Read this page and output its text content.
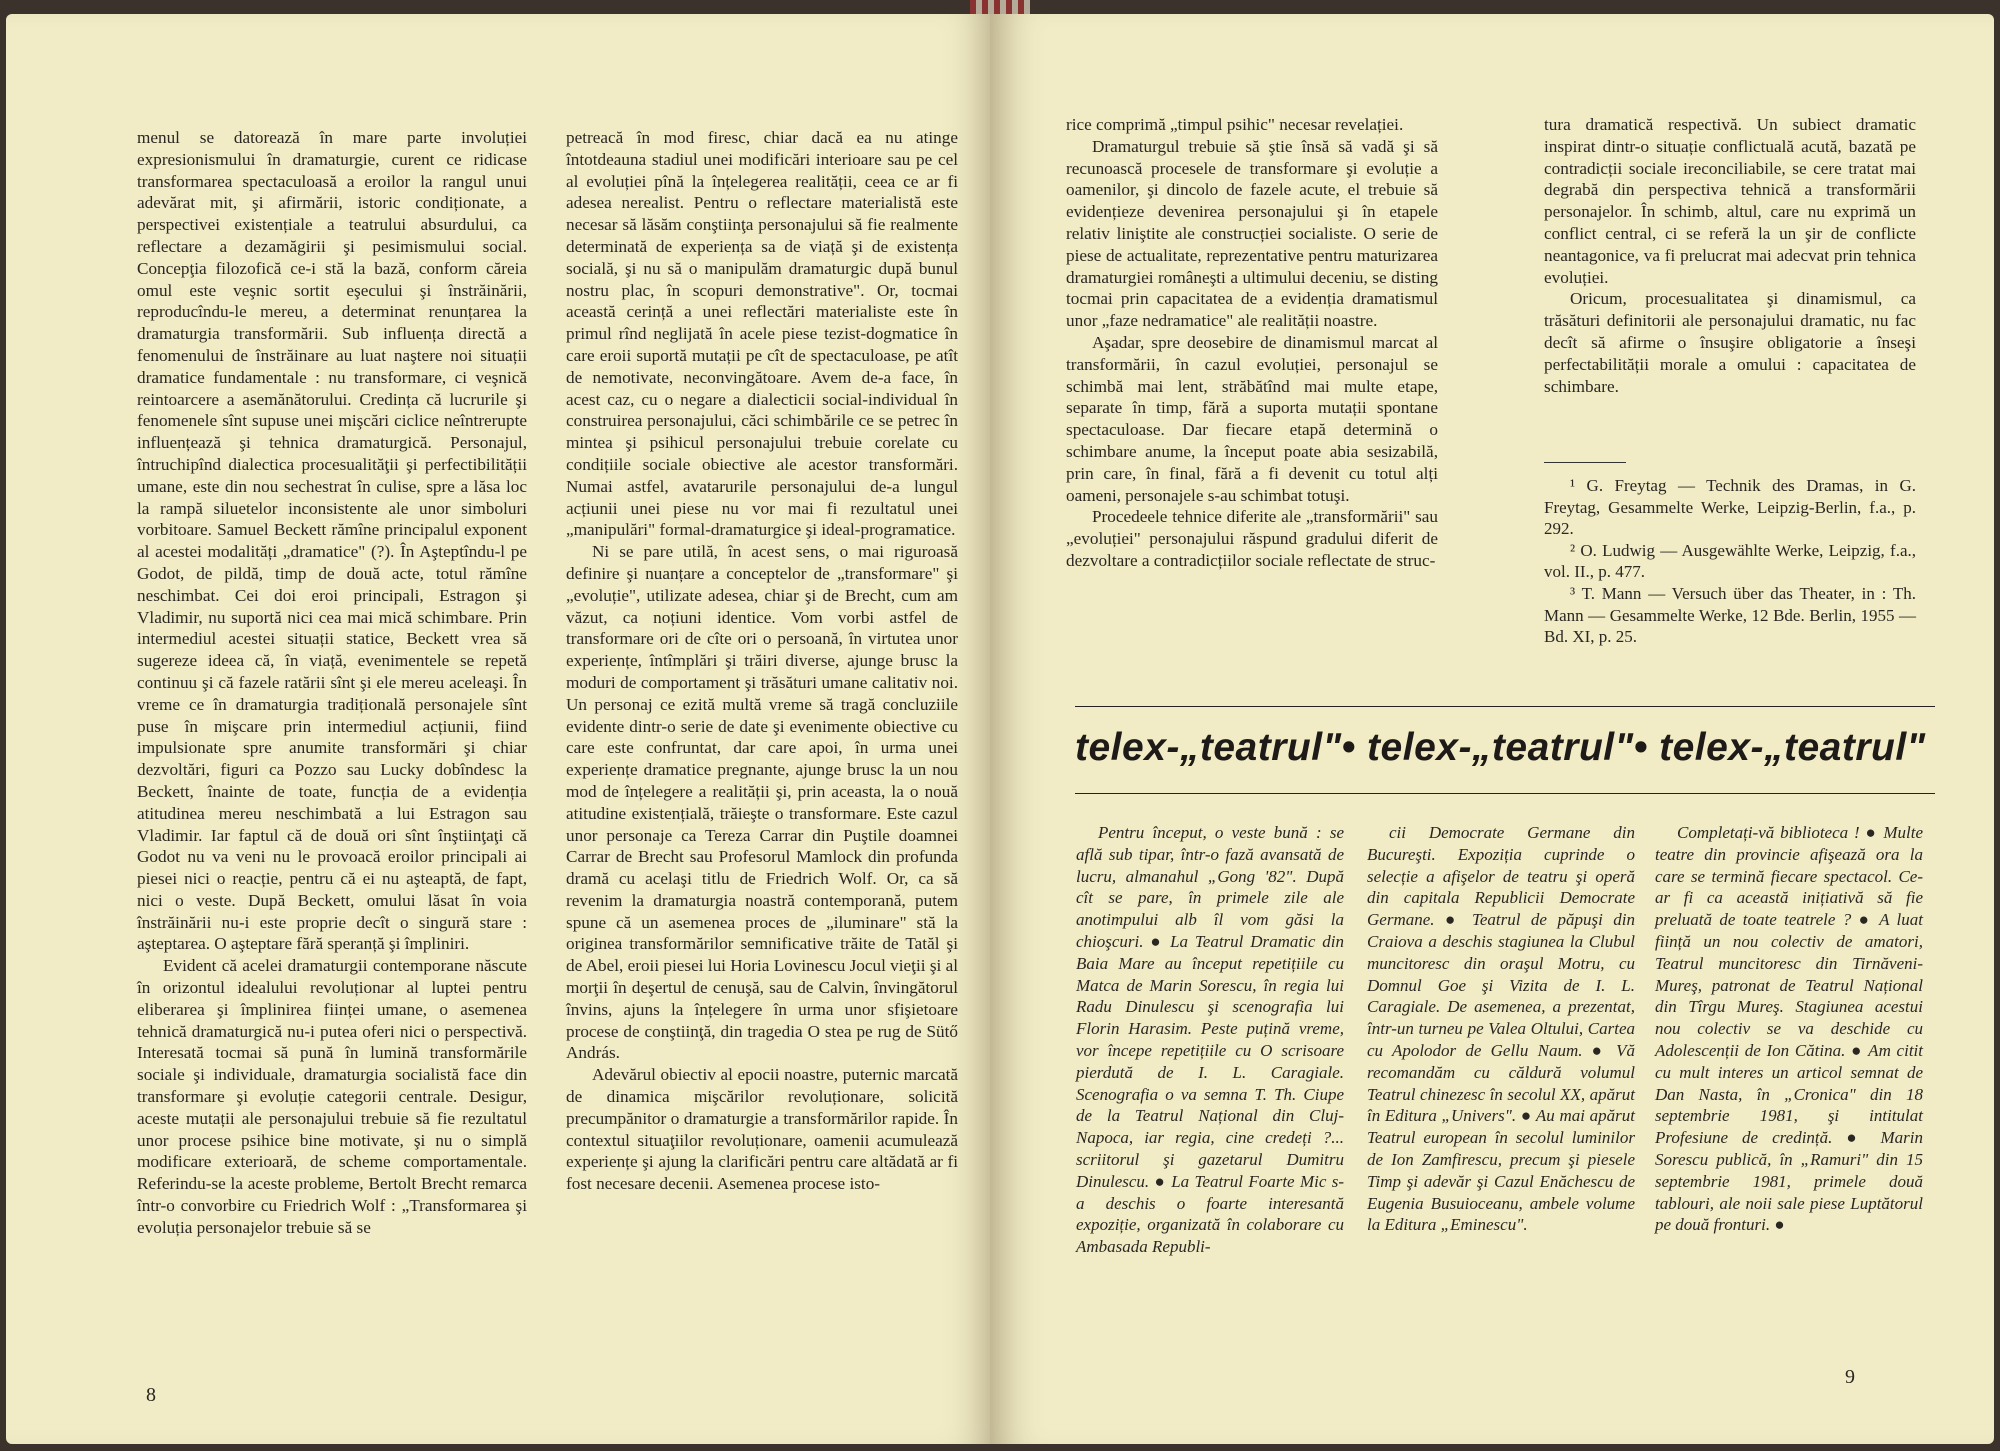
menul se datorează în mare parte involuției expresionismului în dramaturgie, curent ce ridicase transformarea spectaculoasă a eroilor la rangul unui adevărat mit, şi afirmării, istoric condiționate, a perspectivei existențiale a teatrului absurdului, ca reflectare a dezamăgirii şi pesimismului social. Concepţia filozofică ce-i stă la bază, conform căreia omul este veşnic sortit eşecului şi înstrăinării, reproducîndu-le mereu, a determinat renunțarea la dramaturgia transformării. Sub influența directă a fenomenului de înstrăinare au luat naştere noi situații dramatice fundamentale : nu transformare, ci veşnică reintoarcere a asemănătorului. Credința că lucrurile şi fenomenele sînt supuse unei mişcări ciclice neîntrerupte influențează şi tehnica dramaturgică. Personajul, întruchipînd dialectica procesualităţii şi perfectibilității umane, este din nou sechestrat în culise, spre a lăsa loc la rampă siluetelor inconsistente ale unor simboluri vorbitoare. Samuel Beckett rămîne principalul exponent al acestei modalități „dramatice" (?). În Aşteptîndu-l pe Godot, de pildă, timp de două acte, totul rămîne neschimbat. Cei doi eroi principali, Estragon şi Vladimir, nu suportă nici cea mai mică schimbare. Prin intermediul acestei situații statice, Beckett vrea să sugereze ideea că, în viață, evenimentele se repetă continuu şi că fazele ratării sînt şi ele mereu aceleaşi. În vreme ce în dramaturgia tradițională personajele sînt puse în mişcare prin intermediul acțiunii, fiind impulsionate spre anumite transformări şi chiar dezvoltări, figuri ca Pozzo sau Lucky dobîndesc la Beckett, înainte de toate, funcția de a evidenția atitudinea mereu neschimbată a lui Estragon sau Vladimir. Iar faptul că de două ori sînt înştiinţaţi că Godot nu va veni nu le provoacă eroilor principali ai piesei nici o reacție, pentru că ei nu aşteaptă, de fapt, nici o veste. După Beckett, omului lăsat în voia înstrăinării nu-i este proprie decît o singură stare : aşteptarea. O aşteptare fără speranță şi împliniri.

Evident că acelei dramaturgii contemporane născute în orizontul idealului revoluționar al luptei pentru eliberarea şi împlinirea ființei umane, o asemenea tehnică dramaturgică nu-i putea oferi nici o perspectivă. Interesată tocmai să pună în lumină transformările sociale şi individuale, dramaturgia socialistă face din transformare şi evoluție categorii centrale. Desigur, aceste mutații ale personajului trebuie să fie rezultatul unor procese psihice bine motivate, şi nu o simplă modificare exterioară, de scheme comportamentale. Referindu-se la aceste probleme, Bertolt Brecht remarca într-o convorbire cu Friedrich Wolf : „Transformarea şi evoluția personajelor trebuie să se

petreacă în mod firesc, chiar dacă ea nu atinge întotdeauna stadiul unei modificări interioare sau pe cel al evoluției pînă la înțelegerea realității, ceea ce ar fi adesea nerealist. Pentru o reflectare materialistă este necesar să lăsăm conştiinţa personajului să fie realmente determinată de experiența sa de viață şi de existența socială, şi nu să o manipulăm dramaturgic după bunul nostru plac, în scopuri demonstrative". Or, tocmai această cerință a unei reflectări materialiste este în primul rînd neglijată în acele piese tezist-dogmatice în care eroii suportă mutații pe cît de spectaculoase, pe atît de nemotivate, neconvingătoare. Avem de-a face, în acest caz, cu o negare a dialecticii social-individual în construirea personajului, căci schimbările ce se petrec în mintea şi psihicul personajului trebuie corelate cu condițiile sociale obiective ale acestor transformări. Numai astfel, avatarurile personajului de-a lungul acțiunii unei piese nu vor mai fi rezultatul unei „manipulări" formal-dramaturgice şi ideal-programatice.

Ni se pare utilă, în acest sens, o mai riguroasă definire şi nuanțare a conceptelor de „transformare" şi „evoluție", utilizate adesea, chiar şi de Brecht, cum am văzut, ca noțiuni identice. Vom vorbi astfel de transformare ori de cîte ori o persoană, în virtutea unor experiențe, întîmplări şi trăiri diverse, ajunge brusc la moduri de comportament şi trăsături umane calitativ noi. Un personaj ce ezită multă vreme să tragă concluziile evidente dintr-o serie de date şi evenimente obiective cu care este confruntat, dar care apoi, în urma unei experiențe dramatice pregnante, ajunge brusc la un nou mod de înțelegere a realității şi, prin aceasta, la o nouă atitudine existențială, trăieşte o transformare. Este cazul unor personaje ca Tereza Carrar din Puştile doamnei Carrar de Brecht sau Profesorul Mamlock din profunda dramă cu acelaşi titlu de Friedrich Wolf. Or, ca să revenim la dramaturgia noastră contemporană, putem spune că un asemenea proces de „iluminare" stă la originea transformărilor semnificative trăite de Tatăl şi de Abel, eroii piesei lui Horia Lovinescu Jocul vieţii şi al morţii în deşertul de cenuşă, sau de Calvin, învingătorul învins, ajuns la înțelegere în urma unor sfişietoare procese de conştiinţă, din tragedia O stea pe rug de Sütő András.

Adevărul obiectiv al epocii noastre, puternic marcată de dinamica mişcărilor revoluționare, solicită precumpănitor o dramaturgie a transformărilor rapide. În contextul situaţiilor revoluționare, oamenii acumulează experiențe şi ajung la clarificări pentru care altădată ar fi fost necesare decenii. Asemenea procese isto-

8

rice comprimă „timpul psihic" necesar revelației.

Dramaturgul trebuie să ştie însă să vadă şi să recunoască procesele de transformare şi evoluție a oamenilor, şi dincolo de fazele acute, el trebuie să evidențieze devenirea personajului şi în etapele relativ liniştite ale construcției socialiste. O serie de piese de actualitate, reprezentative pentru maturizarea dramaturgiei româneşti a ultimului deceniu, se disting tocmai prin capacitatea de a evidenția dramatismul unor „faze nedramatice" ale realității noastre.

Aşadar, spre deosebire de dinamismul marcat al transformării, în cazul evoluției, personajul se schimbă mai lent, străbătînd mai multe etape, separate în timp, fără a suporta mutații spontane spectaculoase. Dar fiecare etapă determină o schimbare anume, la început poate abia sesizabilă, prin care, în final, fără a fi devenit cu totul alți oameni, personajele s-au schimbat totuşi.

Procedeele tehnice diferite ale „transformării" sau „evoluției" personajului răspund gradului diferit de dezvoltare a contradicțiilor sociale reflectate de struc-

tura dramatică respectivă. Un subiect dramatic inspirat dintr-o situație conflictuală acută, bazată pe contradicții sociale ireconciliabile, se cere tratat mai degrabă din perspectiva tehnică a transformării personajelor. În schimb, altul, care nu exprimă un conflict central, ci se referă la un şir de conflicte neantagonice, va fi prelucrat mai adecvat prin tehnica evoluției.

Oricum, procesualitatea şi dinamismul, ca trăsături definitorii ale personajului dramatic, nu fac decît să afirme o însuşire obligatorie a înseşi perfectabilității morale a omului : capacitatea de schimbare.

¹ G. Freytag — Technik des Dramas, in G. Freytag, Gesammelte Werke, Leipzig-Berlin, f.a., p. 292.

² O. Ludwig — Ausgewählte Werke, Leipzig, f.a., vol. II., p. 477.

³ T. Mann — Versuch über das Theater, in : Th. Mann — Gesammelte Werke, 12 Bde. Berlin, 1955 — Bd. XI, p. 25.

telex-„teatrul"• telex-„teatrul"• telex-„teatrul"

Pentru început, o veste bună : se află sub tipar, într-o fază avansată de lucru, almanahul „Gong '82". După cît se pare, în primele zile ale anotimpului alb îl vom găsi la chioşcuri. ● La Teatrul Dramatic din Baia Mare au început repetițiile cu Matca de Marin Sorescu, în regia lui Radu Dinulescu şi scenografia lui Florin Harasim. Peste puțină vreme, vor începe repetițiile cu O scrisoare pierdută de I. L. Caragiale. Scenografia o va semna T. Th. Ciupe de la Teatrul Național din Cluj-Napoca, iar regia, cine credeți ?... scriitorul şi gazetarul Dumitru Dinulescu. ● La Teatrul Foarte Mic s-a deschis o foarte interesantă expoziție, organizată în colaborare cu Ambasada Republi-

cii Democrate Germane din Bucureşti. Expoziția cuprinde o selecție a afişelor de teatru şi operă din capitala Republicii Democrate Germane. ● Teatrul de păpuşi din Craiova a deschis stagiunea la Clubul muncitoresc din oraşul Motru, cu Domnul Goe şi Vizita de I. L. Caragiale. De asemenea, a prezentat, într-un turneu pe Valea Oltului, Cartea cu Apolodor de Gellu Naum. ● Vă recomandăm cu căldură volumul Teatrul chinezesc în secolul XX, apărut în Editura „Univers". ● Au mai apărut Teatrul european în secolul luminilor de Ion Zamfirescu, precum şi piesele Timp şi adevăr şi Cazul Enăchescu de Eugenia Busuioceanu, ambele volume la Editura „Eminescu".

Completați-vă biblioteca ! ● Multe teatre din provincie afişează ora la care se termină fiecare spectacol. Ce-ar fi ca această inițiativă să fie preluată de toate teatrele ? ● A luat ființă un nou colectiv de amatori, Teatrul muncitoresc din Tirnăveni-Mureş, patronat de Teatrul Național din Tîrgu Mureş. Stagiunea acestui nou colectiv se va deschide cu Adolescenții de Ion Cătina. ● Am citit cu mult interes un articol semnat de Dan Nasta, în „Cronica" din 18 septembrie 1981, şi intitulat Profesiune de credință. ● Marin Sorescu publică, în „Ramuri" din 15 septembrie 1981, primele două tablouri, ale noii sale piese Luptătorul pe două fronturi. ●

9
